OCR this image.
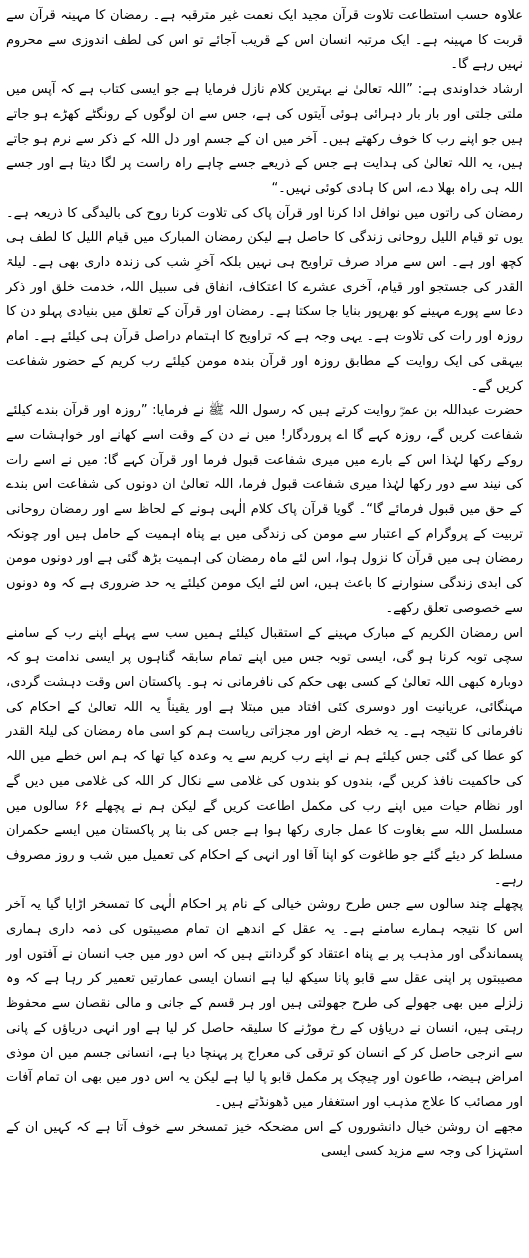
علاوہ حسب استطاعت تلاوت قرآن مجید ایک نعمت غیر مترقبہ ہے۔ رمضان کا مہینہ قرآن سے قربت کا مہینہ ہے۔ ایک مرتبہ انسان اس کے قریب آجائے تو اس کی لطف اندوزی سے محروم نہیں رہے گا۔

ارشاد خداوندی ہے: ”اللہ تعالیٰ نے بہترین کلام نازل فرمایا ہے جو ایسی کتاب ہے کہ آپس میں ملتی جلتی اور بار بار دہرائی ہوئی آیتوں کی ہے، جس سے ان لوگوں کے رونگٹے کھڑے ہو جاتے ہیں جو اپنے رب کا خوف رکھتے ہیں۔ آخر میں ان کے جسم اور دل اللہ کے ذکر سے نرم ہو جاتے ہیں، یہ اللہ تعالیٰ کی ہدایت ہے جس کے ذریعے جسے چاہے راہ راست پر لگا دیتا ہے اور جسے اللہ ہی راہ بھلا دے، اس کا ہادی کوئی نہیں۔“

رمضان کی راتوں میں نوافل ادا کرنا اور قرآن پاک کی تلاوت کرنا روح کی بالیدگی کا ذریعہ ہے۔ یوں تو قیام اللیل روحانی زندگی کا حاصل ہے لیکن رمضان المبارک میں قیام اللیل کا لطف ہی کچھ اور ہے۔ اس سے مراد صرف تراویح ہی نہیں بلکہ آخرِ شب کی زندہ داری بھی ہے۔ لیلۃ القدر کی جستجو اور قیام، آخری عشرے کا اعتکاف، انفاق فی سبیل اللہ، خدمت خلق اور ذکر دعا سے پورے مہینے کو بھرپور بنایا جا سکتا ہے۔ رمضان اور قرآن کے تعلق میں بنیادی پہلو دن کا روزہ اور رات کی تلاوت ہے۔ یہی وجہ ہے کہ تراویح کا اہتمام دراصل قرآن ہی کیلئے ہے۔ امام بیہقی کی ایک روایت کے مطابق روزہ اور قرآن بندہ مومن کیلئے رب کریم کے حضور شفاعت کریں گے۔

حضرت عبداللہ بن عمرؓ روایت کرتے ہیں کہ رسول اللہ ﷺ نے فرمایا: ”روزہ اور قرآن بندے کیلئے شفاعت کریں گے، روزہ کہے گا اے پروردگار! میں نے دن کے وقت اسے کھانے اور خواہشات سے روکے رکھا لہٰذا اس کے بارے میں میری شفاعت قبول فرما اور قرآن کہے گا: میں نے اسے رات کی نیند سے دور رکھا لہٰذا میری شفاعت قبول فرما، اللہ تعالیٰ ان دونوں کی شفاعت اس بندے کے حق میں قبول فرمائے گا“۔ گویا قرآن پاک کلام الٰہی ہونے کے لحاظ سے اور رمضان روحانی تربیت کے پروگرام کے اعتبار سے مومن کی زندگی میں بے پناہ اہمیت کے حامل ہیں اور چونکہ رمضان ہی میں قرآن کا نزول ہوا، اس لئے ماہ رمضان کی اہمیت بڑھ گئی ہے اور دونوں مومن کی ابدی زندگی سنوارنے کا باعث ہیں، اس لئے ایک مومن کیلئے یہ حد ضروری ہے کہ وہ دونوں سے خصوصی تعلق رکھے۔

اس رمضان الکریم کے مبارک مہینے کے استقبال کیلئے ہمیں سب سے پہلے اپنے رب کے سامنے سچی توبہ کرنا ہو گی، ایسی توبہ جس میں اپنے تمام سابقہ گناہوں پر ایسی ندامت ہو کہ دوبارہ کبھی اللہ تعالیٰ کے کسی بھی حکم کی نافرمانی نہ ہو۔ پاکستان اس وقت دہشت گردی، مہنگائی، عریانیت اور دوسری کئی افتاد میں مبتلا ہے اور یقیناً یہ اللہ تعالیٰ کے احکام کی نافرمانی کا نتیجہ ہے۔ یہ خطہ ارض اور مجزاتی ریاست ہم کو اسی ماہ رمضان کی لیلۃ القدر کو عطا کی گئی جس کیلئے ہم نے اپنے رب کریم سے یہ وعدہ کیا تھا کہ ہم اس خطے میں اللہ کی حاکمیت نافذ کریں گے، بندوں کو بندوں کی غلامی سے نکال کر اللہ کی غلامی میں دیں گے اور نظام حیات میں اپنے رب کی مکمل اطاعت کریں گے لیکن ہم نے پچھلے ۶۶ سالوں میں مسلسل اللہ سے بغاوت کا عمل جاری رکھا ہوا ہے جس کی بنا پر پاکستان میں ایسے حکمران مسلط کر دیئے گئے جو طاغوت کو اپنا آقا اور انہی کے احکام کی تعمیل میں شب و روز مصروف رہے۔

پچھلے چند سالوں سے جس طرح روشن خیالی کے نام پر احکام الٰہی کا تمسخر اڑایا گیا یہ آخر اس کا نتیجہ ہمارے سامنے ہے۔ یہ عقل کے اندھے ان تمام مصیبتوں کی ذمہ داری ہماری پسماندگی اور مذہب پر بے پناہ اعتقاد کو گردانتے ہیں کہ اس دور میں جب انسان نے آفتوں اور مصیبتوں پر اپنی عقل سے قابو پانا سیکھ لیا ہے انسان ایسی عمارتیں تعمیر کر رہا ہے کہ وہ زلزلے میں بھی جھولے کی طرح جھولتی ہیں اور ہر قسم کے جانی و مالی نقصان سے محفوظ رہتی ہیں، انسان نے دریاؤں کے رخ موڑنے کا سلیقہ حاصل کر لیا ہے اور انہی دریاؤں کے پانی سے انرجی حاصل کر کے انسان کو ترقی کی معراج پر پہنچا دیا ہے، انسانی جسم میں ان موذی امراض ہیضہ، طاعون اور چیچک پر مکمل قابو پا لیا ہے لیکن یہ اس دور میں بھی ان تمام آفات اور مصائب کا علاج مذہب اور استغفار میں ڈھونڈتے ہیں۔

مجھے ان روشن خیال دانشوروں کے اس مضحکہ خیز تمسخر سے خوف آتا ہے کہ کہیں ان کے استہزا کی وجہ سے مزید کسی ایسی
